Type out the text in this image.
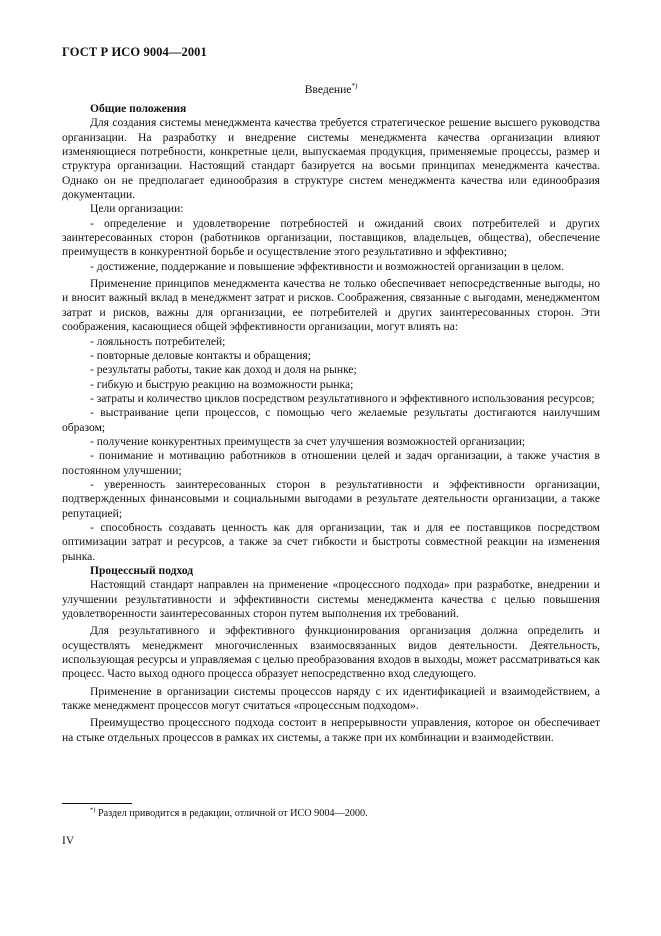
ГОСТ Р ИСО 9004—2001
Введение*)
Общие положения

Для создания системы менеджмента качества требуется стратегическое решение высшего руководства организации. На разработку и внедрение системы менеджмента качества организации влияют изменяющиеся потребности, конкретные цели, выпускаемая продукция, применяемые процессы, размер и структура организации. Настоящий стандарт базируется на восьми принципах менеджмента качества. Однако он не предполагает единообразия в структуре систем менеджмента качества или единообразия документации.

Цели организации:

- определение и удовлетворение потребностей и ожиданий своих потребителей и других заинтересованных сторон (работников организации, поставщиков, владельцев, общества), обеспечение преимуществ в конкурентной борьбе и осуществление этого результативно и эффективно;

- достижение, поддержание и повышение эффективности и возможностей организации в целом.

Применение принципов менеджмента качества не только обеспечивает непосредственные выгоды, но и вносит важный вклад в менеджмент затрат и рисков. Соображения, связанные с выгодами, менеджментом затрат и рисков, важны для организации, ее потребителей и других заинтересованных сторон. Эти соображения, касающиеся общей эффективности организации, могут влиять на:

- лояльность потребителей;

- повторные деловые контакты и обращения;

- результаты работы, такие как доход и доля на рынке;

- гибкую и быструю реакцию на возможности рынка;

- затраты и количество циклов посредством результативного и эффективного использования ресурсов;

- выстраивание цепи процессов, с помощью чего желаемые результаты достигаются наилучшим образом;

- получение конкурентных преимуществ за счет улучшения возможностей организации;

- понимание и мотивацию работников в отношении целей и задач организации, а также участия в постоянном улучшении;

- уверенность заинтересованных сторон в результативности и эффективности организации, подтвержденных финансовыми и социальными выгодами в результате деятельности организации, а также репутацией;

- способность создавать ценность как для организации, так и для ее поставщиков посредством оптимизации затрат и ресурсов, а также за счет гибкости и быстроты совместной реакции на изменения рынка.

Процессный подход

Настоящий стандарт направлен на применение «процессного подхода» при разработке, внедрении и улучшении результативности и эффективности системы менеджмента качества с целью повышения удовлетворенности заинтересованных сторон путем выполнения их требований.

Для результативного и эффективного функционирования организация должна определить и осуществлять менеджмент многочисленных взаимосвязанных видов деятельности. Деятельность, использующая ресурсы и управляемая с целью преобразования входов в выходы, может рассматриваться как процесс. Часто выход одного процесса образует непосредственно вход следующего.

Применение в организации системы процессов наряду с их идентификацией и взаимодействием, а также менеджмент процессов могут считаться «процессным подходом».

Преимущество процессного подхода состоит в непрерывности управления, которое он обеспечивает на стыке отдельных процессов в рамках их системы, а также при их комбинации и взаимодействии.

*) Раздел приводится в редакции, отличной от ИСО 9004—2000.
IV
